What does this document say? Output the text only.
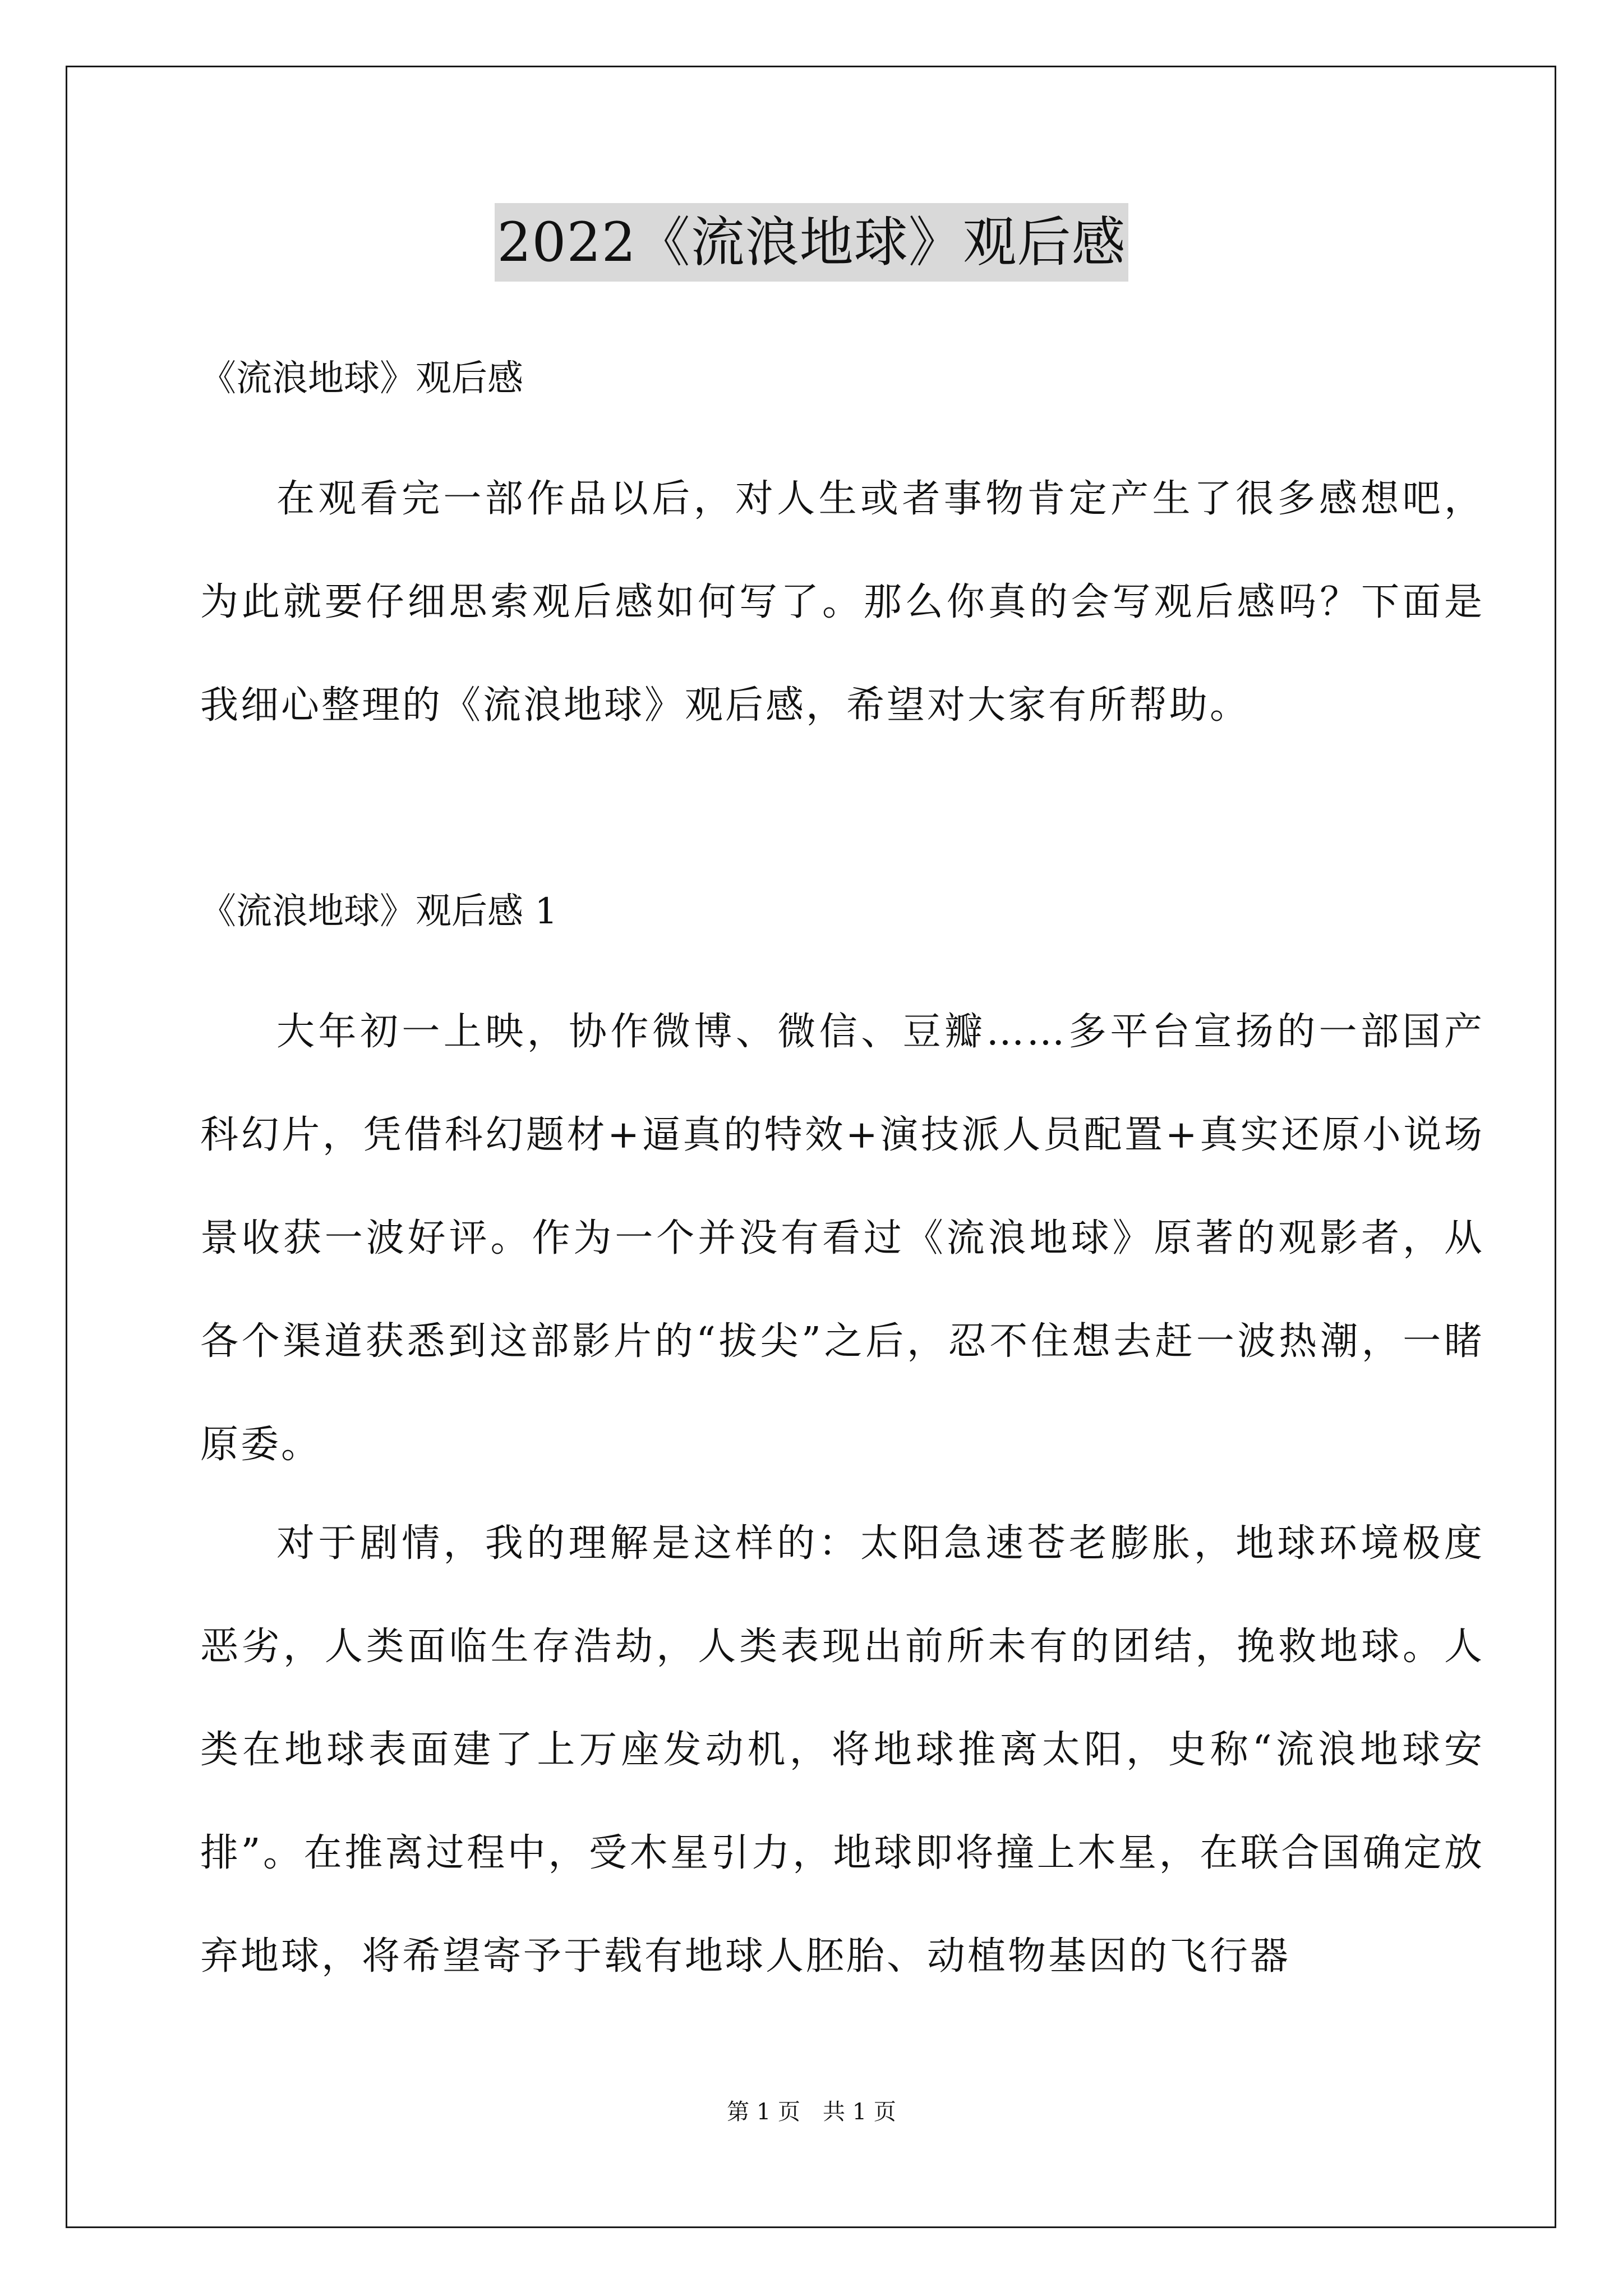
2022《流浪地球》观后感
《流浪地球》观后感
在观看完一部作品以后，对人生或者事物肯定产生了很多感想吧，为此就要仔细思索观后感如何写了。那么你真的会写观后感吗？下面是我细心整理的《流浪地球》观后感，希望对大家有所帮助。
《流浪地球》观后感 1
大年初一上映，协作微博、微信、豆瓣……多平台宣扬的一部国产科幻片，凭借科幻题材+逼真的特效+演技派人员配置+真实还原小说场景收获一波好评。作为一个并没有看过《流浪地球》原著的观影者，从各个渠道获悉到这部影片的“拔尖”之后，忍不住想去赶一波热潮，一睹原委。
对于剧情，我的理解是这样的：太阳急速苍老膨胀，地球环境极度恶劣，人类面临生存浩劫，人类表现出前所未有的团结，挽救地球。人类在地球表面建了上万座发动机，将地球推离太阳，史称“流浪地球安排”。在推离过程中，受木星引力，地球即将撞上木星，在联合国确定放弃地球，将希望寄予于载有地球人胚胎、动植物基因的飞行器
第 1 页　共 1 页
